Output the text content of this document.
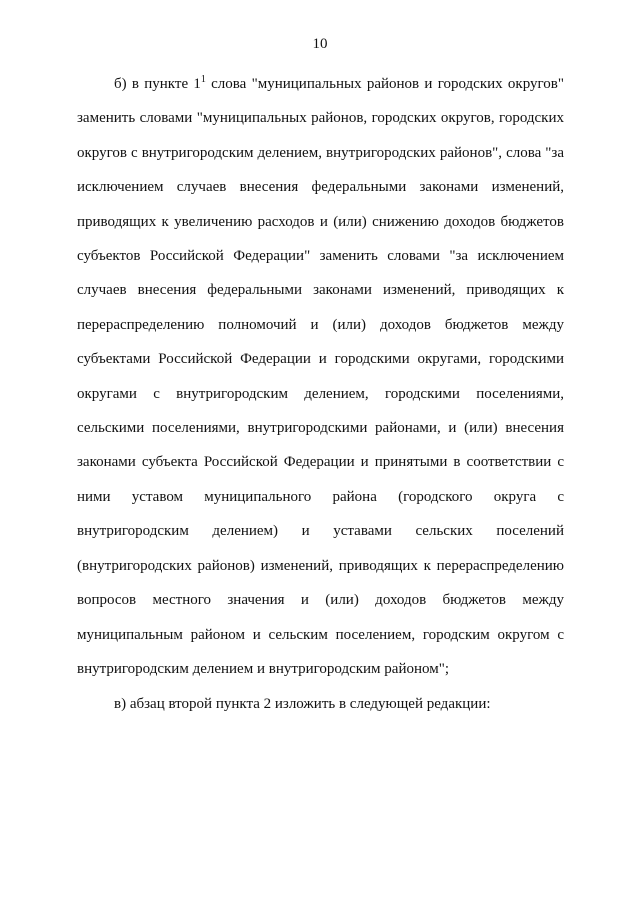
10

б) в пункте $1^1$ слова "муниципальных районов и городских округов" заменить словами "муниципальных районов, городских округов, городских округов с внутригородским делением, внутригородских районов", слова "за исключением случаев внесения федеральными законами изменений, приводящих к увеличению расходов и (или) снижению доходов бюджетов субъектов Российской Федерации" заменить словами "за исключением случаев внесения федеральными законами изменений, приводящих к перераспределению полномочий и (или) доходов бюджетов между субъектами Российской Федерации и городскими округами, городскими округами с внутригородским делением, городскими поселениями, сельскими поселениями, внутригородскими районами, и (или) внесения законами субъекта Российской Федерации и принятыми в соответствии с ними уставом муниципального района (городского округа с внутригородским делением) и уставами сельских поселений (внутригородских районов) изменений, приводящих к перераспределению вопросов местного значения и (или) доходов бюджетов между муниципальным районом и сельским поселением, городским округом с внутригородским делением и внутригородским районом";

в) абзац второй пункта 2 изложить в следующей редакции:
